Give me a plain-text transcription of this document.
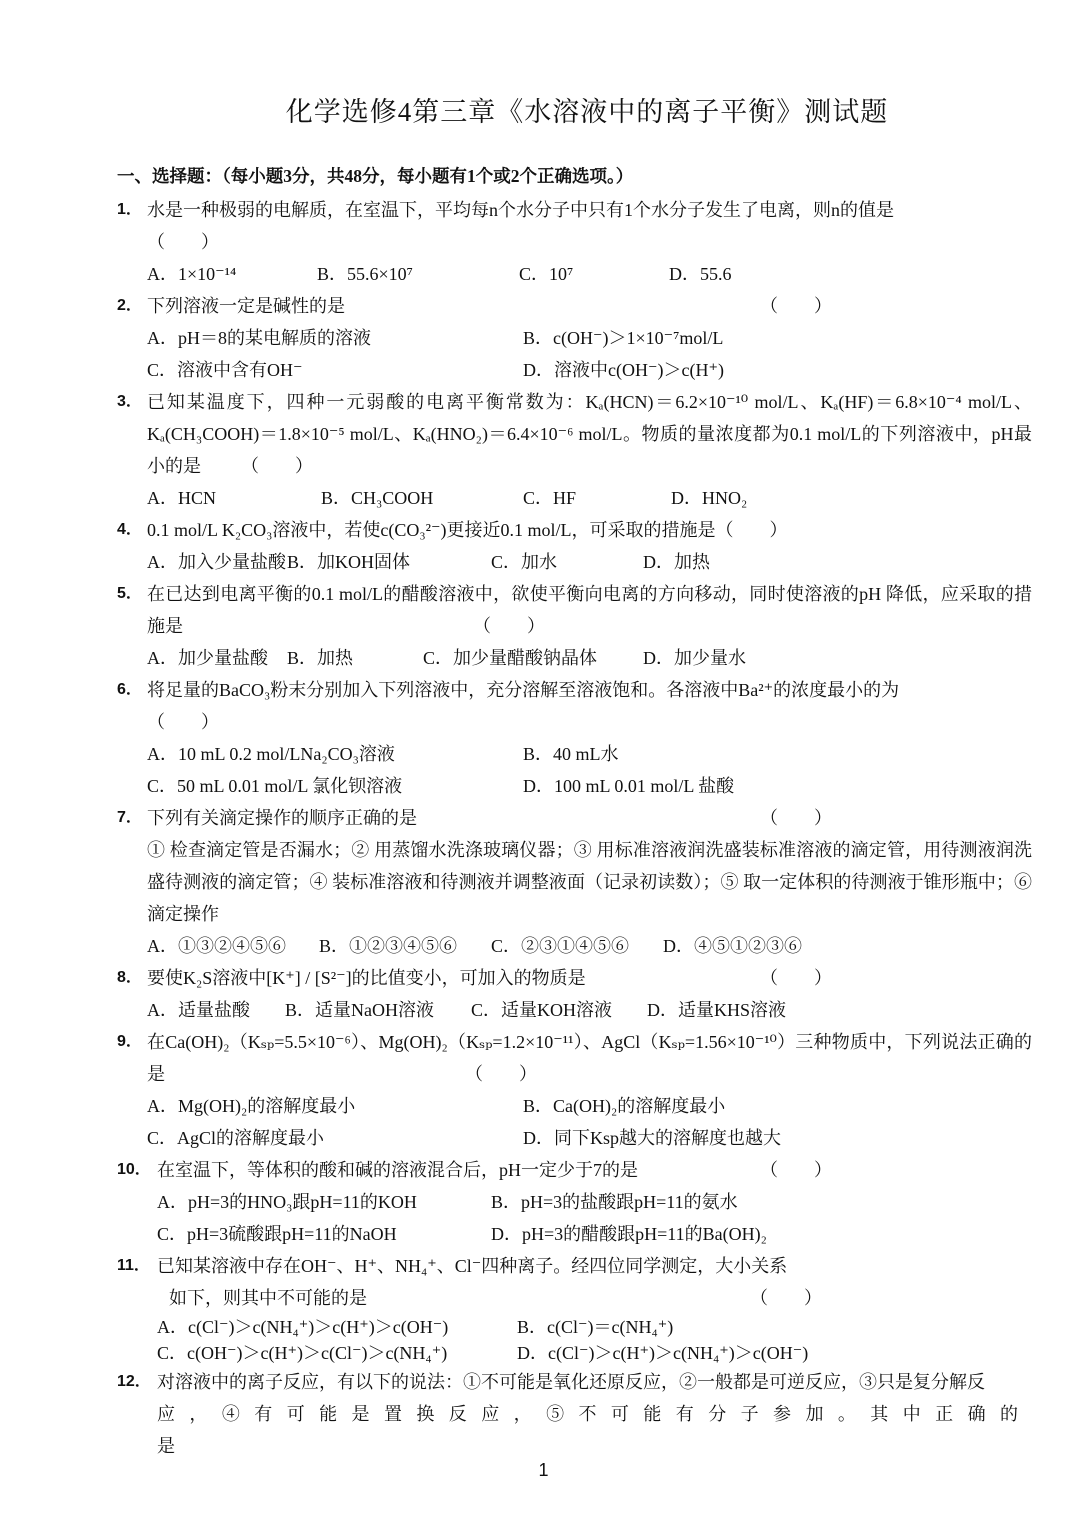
化学选修4第三章《水溶液中的离子平衡》测试题
一、选择题：（每小题3分，共48分，每小题有1个或2个正确选项。）
1． 水是一种极弱的电解质，在室温下，平均每n个水分子中只有1个水分子发生了电离，则n的值是
（　　）
A．1×10⁻¹⁴	B．55.6×10⁷	C．10⁷	D．55.6
2． 下列溶液一定是碱性的是	（　　）
A．pH＝8的某电解质的溶液	B．c(OH⁻)＞1×10⁻⁷mol/L
C．溶液中含有OH⁻	D．溶液中c(OH⁻)＞c(H⁺)
3． 已知某温度下，四种一元弱酸的电离平衡常数为：Kₐ(HCN)＝6.2×10⁻¹⁰ mol/L、Kₐ(HF)＝6.8×10⁻⁴ mol/L、Kₐ(CH₃COOH)＝1.8×10⁻⁵ mol/L、Kₐ(HNO₂)＝6.4×10⁻⁶ mol/L。物质的量浓度都为0.1 mol/L的下列溶液中，pH最小的是 （　　）
A．HCN	B．CH₃COOH	C．HF	D．HNO₂
4． 0.1 mol/L K₂CO₃溶液中，若使c(CO₃²⁻)更接近0.1 mol/L，可采取的措施是（　　）
A．加入少量盐酸 B．加KOH固体	C．加水	D．加热
5． 在已达到电离平衡的0.1 mol/L的醋酸溶液中，欲使平衡向电离的方向移动，同时使溶液的pH 降低，应采取的措施是	（　　）
A．加少量盐酸	B．加热	C．加少量醋酸钠晶体	D．加少量水
6． 将足量的BaCO₃粉末分别加入下列溶液中，充分溶解至溶液饱和。各溶液中Ba²⁺的浓度最小的为
（　　）
A．10 mL 0.2 mol/LNa₂CO₃溶液	B．40 mL水
C．50 mL 0.01 mol/L 氯化钡溶液	D．100 mL 0.01 mol/L 盐酸
7． 下列有关滴定操作的顺序正确的是	（　　）
① 检查滴定管是否漏水；② 用蒸馏水洗涤玻璃仪器；③ 用标准溶液润洗盛装标准溶液的滴定管，用待测液润洗盛待测液的滴定管；④ 装标准溶液和待测液并调整液面（记录初读数）；⑤ 取一定体积的待测液于锥形瓶中；⑥ 滴定操作
A．①③②④⑤⑥	B．①②③④⑤⑥	C．②③①④⑤⑥	D．④⑤①②③⑥
8． 要使K₂S溶液中[K⁺] / [S²⁻]的比值变小，可加入的物质是	（　　）
A．适量盐酸	B．适量NaOH溶液	C．适量KOH溶液	D．适量KHS溶液
9． 在Ca(OH)₂（Kₛₚ=5.5×10⁻⁶）、Mg(OH)₂（Kₛₚ=1.2×10⁻¹¹）、AgCl（Kₛₚ=1.56×10⁻¹⁰）三种物质中，下列说法正确的是	（　　）
A．Mg(OH)₂的溶解度最小	B．Ca(OH)₂的溶解度最小
C．AgCl的溶解度最小	D．同下Ksp越大的溶解度也越大
10． 在室温下，等体积的酸和碱的溶液混合后，pH一定少于7的是	（　　）
A．pH=3的HNO₃跟pH=11的KOH	B．pH=3的盐酸跟pH=11的氨水
C．pH=3硫酸跟pH=11的NaOH	D．pH=3的醋酸跟pH=11的Ba(OH)₂
11． 已知某溶液中存在OH⁻、H⁺、NH₄⁺、Cl⁻四种离子。经四位同学测定，大小关系
如下，则其中不可能的是	（　　）
A．c(Cl⁻)＞c(NH₄⁺)＞c(H⁺)＞c(OH⁻)	B．c(Cl⁻)＝c(NH₄⁺)
C．c(OH⁻)＞c(H⁺)＞c(Cl⁻)＞c(NH₄⁺)	D．c(Cl⁻)＞c(H⁺)＞c(NH₄⁺)＞c(OH⁻)
12． 对溶液中的离子反应，有以下的说法：①不可能是氧化还原反应，②一般都是可逆反应，③只是复分解反
应，④有可能是置换反应，⑤不可能有分子参加。其中正确的是
1
